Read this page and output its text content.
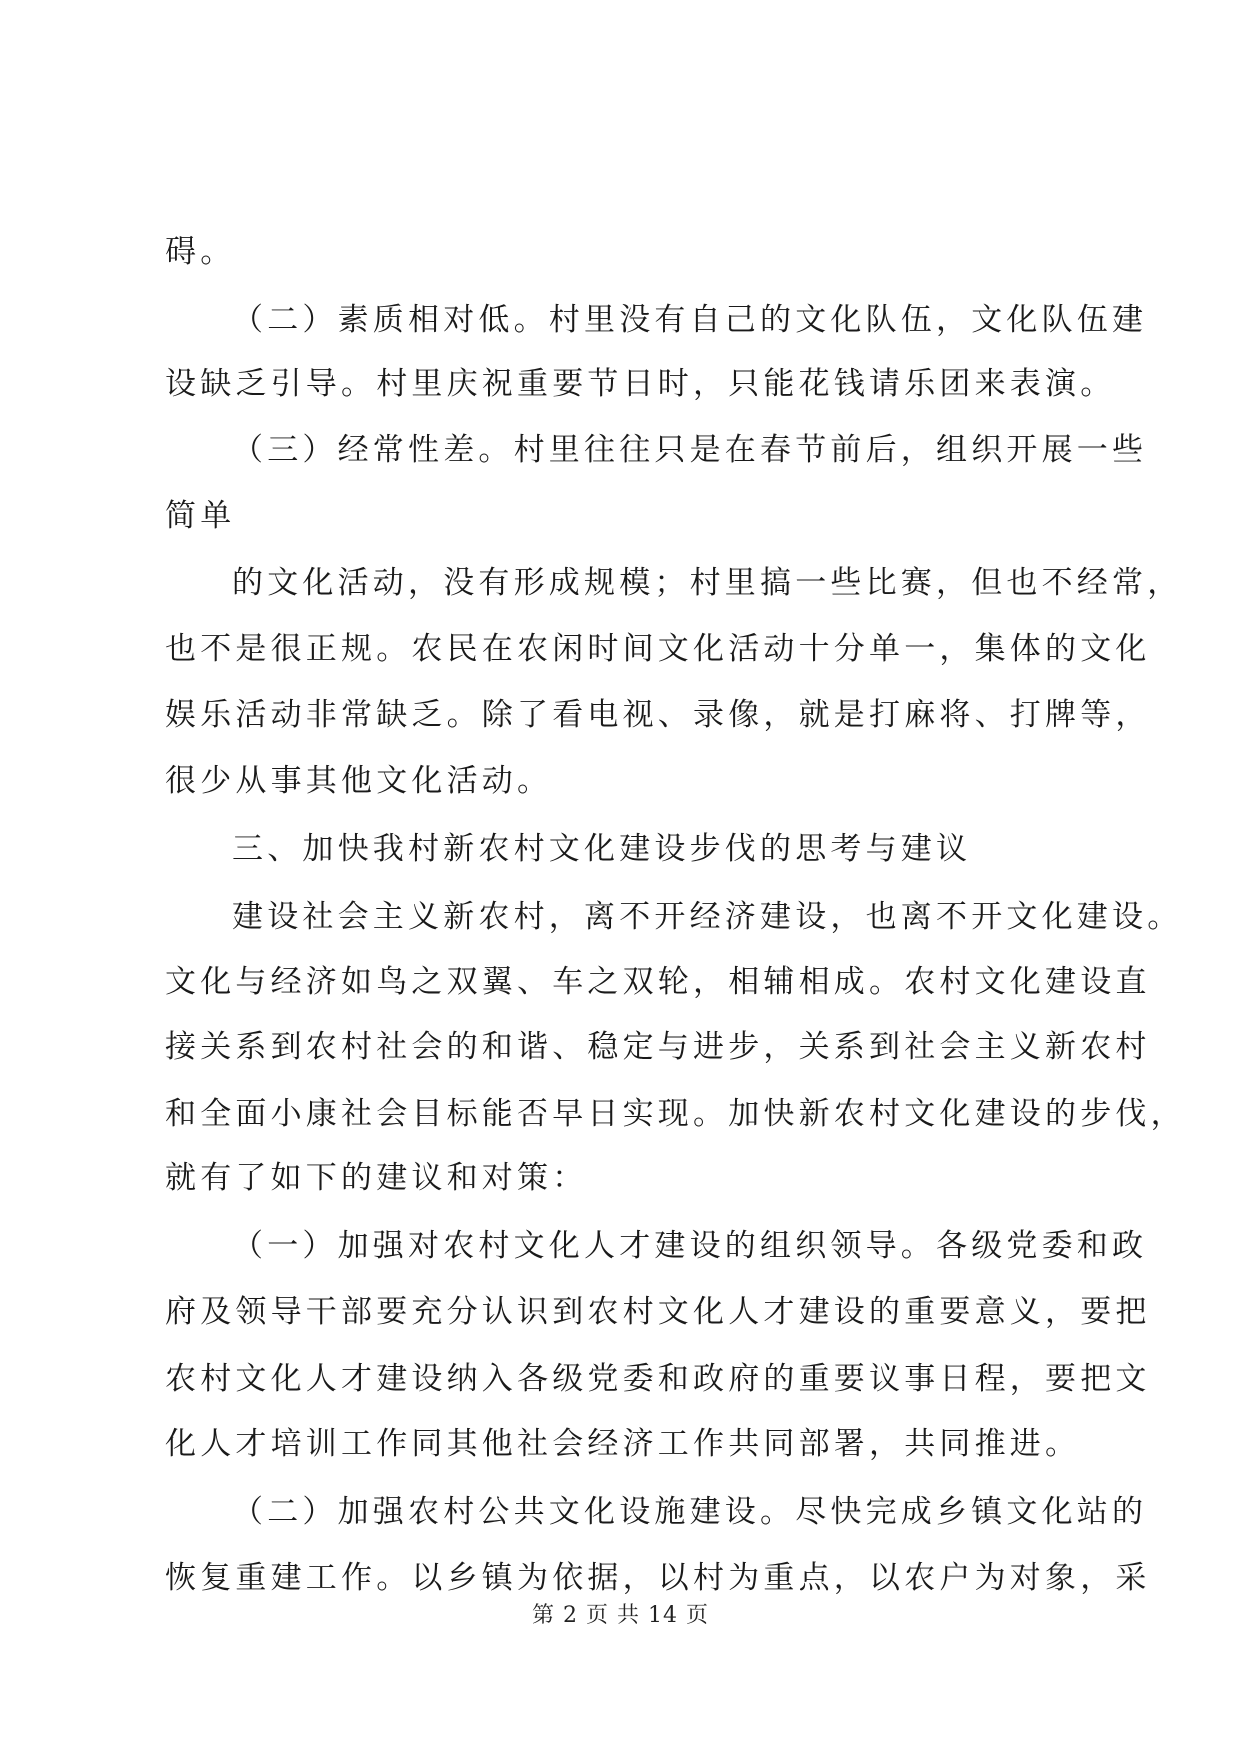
碍。
（二）素质相对低。村里没有自己的文化队伍，文化队伍建
设缺乏引导。村里庆祝重要节日时，只能花钱请乐团来表演。
（三）经常性差。村里往往只是在春节前后，组织开展一些
简单
的文化活动，没有形成规模；村里搞一些比赛，但也不经常，
也不是很正规。农民在农闲时间文化活动十分单一，集体的文化
娱乐活动非常缺乏。除了看电视、录像，就是打麻将、打牌等，
很少从事其他文化活动。
三、加快我村新农村文化建设步伐的思考与建议
建设社会主义新农村，离不开经济建设，也离不开文化建设。
文化与经济如鸟之双翼、车之双轮，相辅相成。农村文化建设直
接关系到农村社会的和谐、稳定与进步，关系到社会主义新农村
和全面小康社会目标能否早日实现。加快新农村文化建设的步伐，
就有了如下的建议和对策：
（一）加强对农村文化人才建设的组织领导。各级党委和政
府及领导干部要充分认识到农村文化人才建设的重要意义，要把
农村文化人才建设纳入各级党委和政府的重要议事日程，要把文
化人才培训工作同其他社会经济工作共同部署，共同推进。
（二）加强农村公共文化设施建设。尽快完成乡镇文化站的
恢复重建工作。以乡镇为依据，以村为重点，以农户为对象，采
第 2 页 共 14 页
